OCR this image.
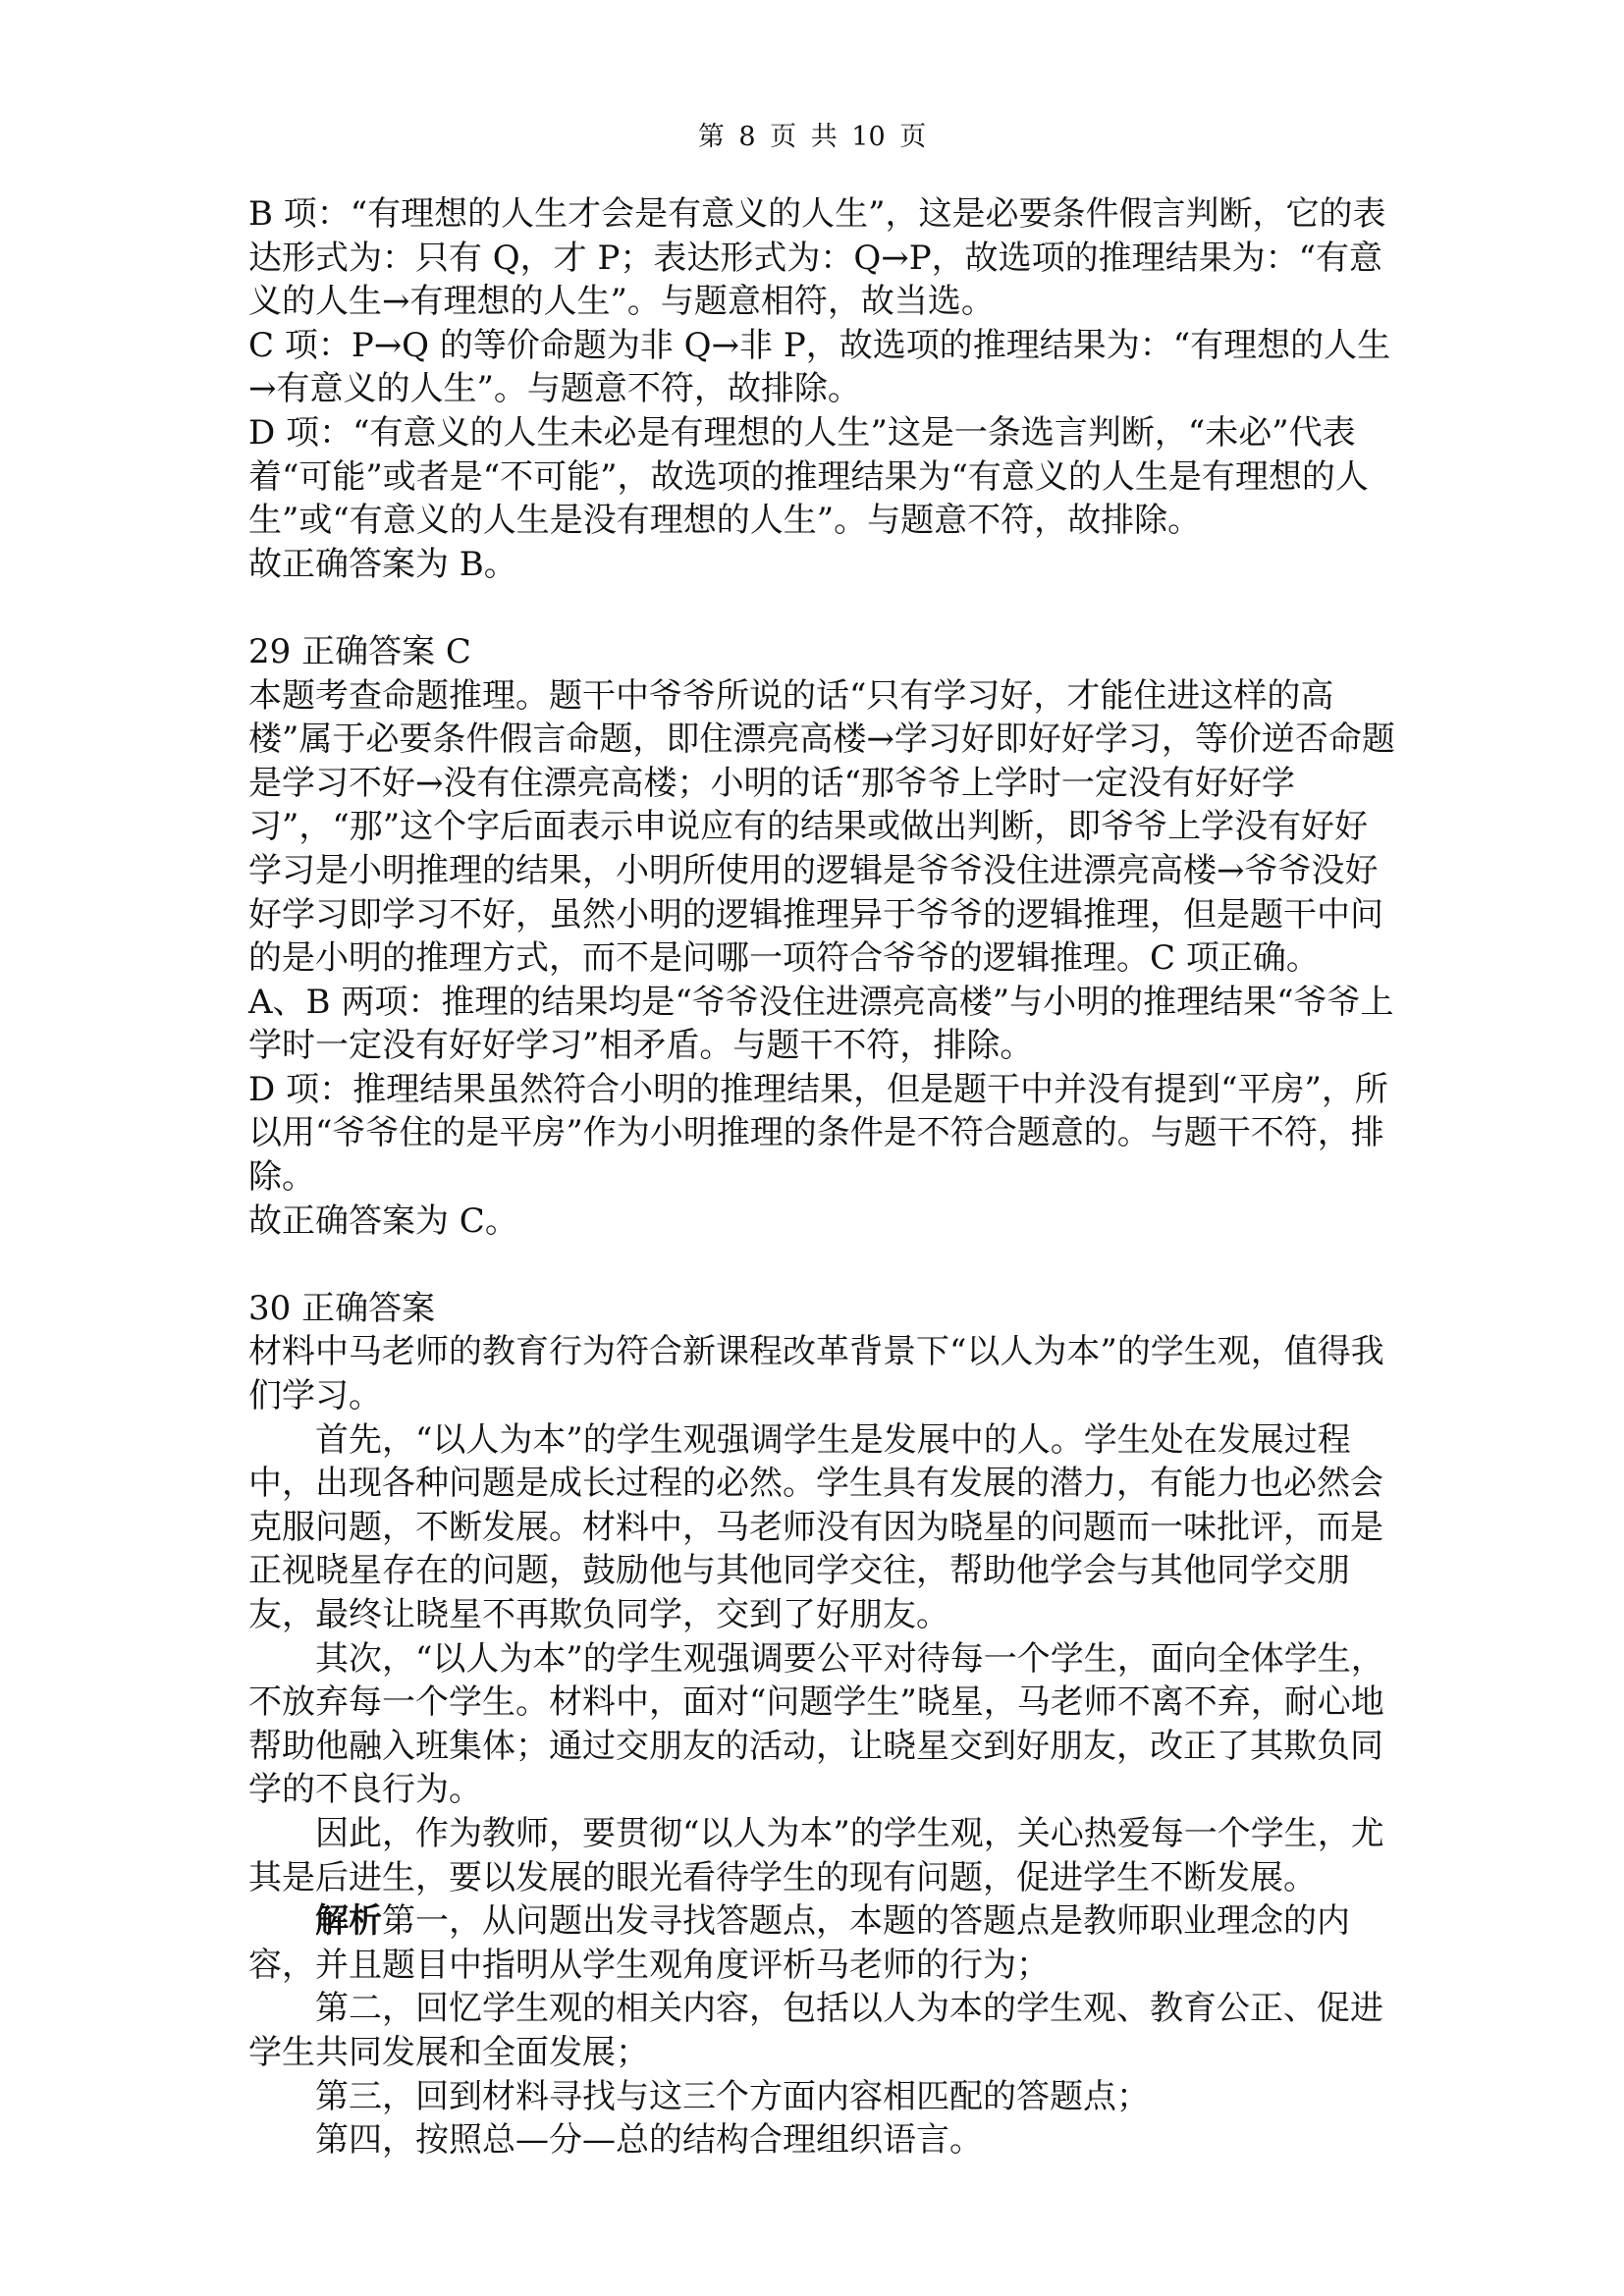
第 8 页 共 10 页

B 项：“有理想的人生才会是有意义的人生”，这是必要条件假言判断，它的表达形式为：只有 Q，才 P；表达形式为：Q→P，故选项的推理结果为：“有意义的人生→有理想的人生”。与题意相符，故当选。

C 项：P→Q 的等价命题为非 Q→非 P，故选项的推理结果为：“有理想的人生→有意义的人生”。与题意不符，故排除。

D 项：“有意义的人生未必是有理想的人生”这是一条选言判断，“未必”代表着“可能”或者是“不可能”，故选项的推理结果为“有意义的人生是有理想的人生”或“有意义的人生是没有理想的人生”。与题意不符，故排除。

故正确答案为 B。

29 正确答案 C

本题考查命题推理。题干中爷爷所说的话“只有学习好，才能住进这样的高楼”属于必要条件假言命题，即住漂亮高楼→学习好即好好学习，等价逆否命题是学习不好→没有住漂亮高楼；小明的话“那爷爷上学时一定没有好好学习”，“那”这个字后面表示申说应有的结果或做出判断，即爷爷上学没有好好学习是小明推理的结果，小明所使用的逻辑是爷爷没住进漂亮高楼→爷爷没好好学习即学习不好，虽然小明的逻辑推理异于爷爷的逻辑推理，但是题干中问的是小明的推理方式，而不是问哪一项符合爷爷的逻辑推理。C 项正确。

A、B 两项：推理的结果均是“爷爷没住进漂亮高楼”与小明的推理结果“爷爷上学时一定没有好好学习”相矛盾。与题干不符，排除。

D 项：推理结果虽然符合小明的推理结果，但是题干中并没有提到“平房”，所以用“爷爷住的是平房”作为小明推理的条件是不符合题意的。与题干不符，排除。

故正确答案为 C。

30 正确答案

材料中马老师的教育行为符合新课程改革背景下“以人为本”的学生观，值得我们学习。

首先，“以人为本”的学生观强调学生是发展中的人。学生处在发展过程中，出现各种问题是成长过程的必然。学生具有发展的潜力，有能力也必然会克服问题，不断发展。材料中，马老师没有因为晓星的问题而一味批评，而是正视晓星存在的问题，鼓励他与其他同学交往，帮助他学会与其他同学交朋友，最终让晓星不再欺负同学，交到了好朋友。

其次，“以人为本”的学生观强调要公平对待每一个学生，面向全体学生，不放弃每一个学生。材料中，面对“问题学生”晓星，马老师不离不弃，耐心地帮助他融入班集体；通过交朋友的活动，让晓星交到好朋友，改正了其欺负同学的不良行为。

因此，作为教师，要贯彻“以人为本”的学生观，关心热爱每一个学生，尤其是后进生，要以发展的眼光看待学生的现有问题，促进学生不断发展。

解析第一，从问题出发寻找答题点，本题的答题点是教师职业理念的内容，并且题目中指明从学生观角度评析马老师的行为；

第二，回忆学生观的相关内容，包括以人为本的学生观、教育公正、促进学生共同发展和全面发展；

第三，回到材料寻找与这三个方面内容相匹配的答题点；

第四，按照总—分—总的结构合理组织语言。
